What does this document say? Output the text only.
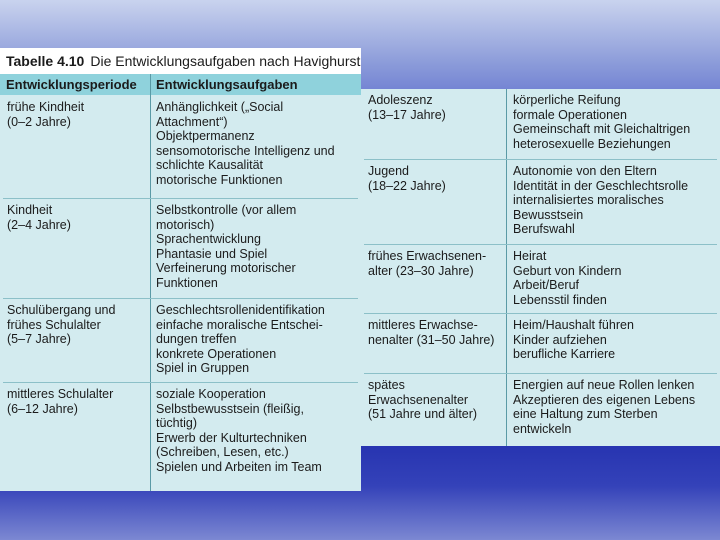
Tabelle 4.10 Die Entwicklungsaufgaben nach Havighurst
Entwicklungsperiode Entwicklungsaufgaben
frühe Kindheit
(0–2 Jahre)
Anhänglichkeit („Social
Attachment“)
Objektpermanenz
sensomotorische Intelligenz und
schlichte Kausalität
motorische Funktionen
Kindheit
(2–4 Jahre)
Selbstkontrolle (vor allem
motorisch)
Sprachentwicklung
Phantasie und Spiel
Verfeinerung motorischer
Funktionen
Schulübergang und
frühes Schulalter
(5–7 Jahre)
Geschlechtsrollenidentifikation
einfache moralische Entschei-
dungen treffen
konkrete Operationen
Spiel in Gruppen
mittleres Schulalter
(6–12 Jahre)
soziale Kooperation
Selbstbewusstsein (fleißig,
tüchtig)
Erwerb der Kulturtechniken
(Schreiben, Lesen, etc.)
Spielen und Arbeiten im Team
Adoleszenz
(13–17 Jahre)
körperliche Reifung
formale Operationen
Gemeinschaft mit Gleichaltrigen
heterosexuelle Beziehungen
Jugend
(18–22 Jahre)
Autonomie von den Eltern
Identität in der Geschlechtsrolle
internalisiertes moralisches
Bewusstsein
Berufswahl
frühes Erwachsenen-
alter (23–30 Jahre)
Heirat
Geburt von Kindern
Arbeit/Beruf
Lebensstil finden
mittleres Erwachse-
nenalter (31–50 Jahre)
Heim/Haushalt führen
Kinder aufziehen
berufliche Karriere
spätes
Erwachsenenalter
(51 Jahre und älter)
Energien auf neue Rollen lenken
Akzeptieren des eigenen Lebens
eine Haltung zum Sterben
entwickeln
